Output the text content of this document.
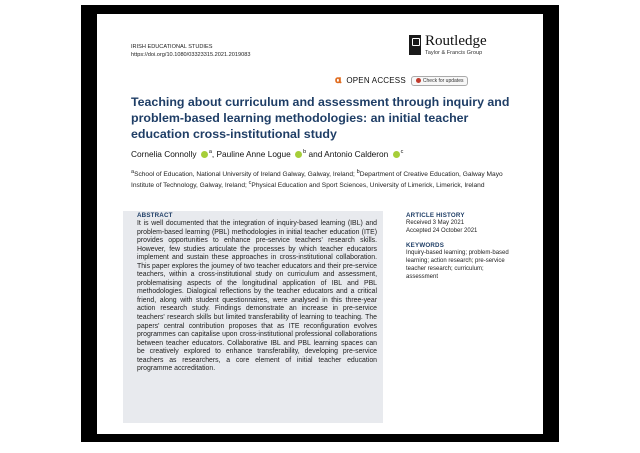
IRISH EDUCATIONAL STUDIES
https://doi.org/10.1080/03323315.2021.2019083
Routledge
Taylor & Francis Group
𝛂 OPEN ACCESS	Check for updates
Teaching about curriculum and assessment through inquiry and problem-based learning methodologies: an initial teacher education cross-institutional study
Cornelia Connolly $^a$, Pauline Anne Logue $^b$ and Antonio Calderon $^c$
$^a$School of Education, National University of Ireland Galway, Galway, Ireland; $^b$Department of Creative Education, Galway Mayo Institute of Technology, Galway, Ireland; $^c$Physical Education and Sport Sciences, University of Limerick, Limerick, Ireland
ABSTRACT
It is well documented that the integration of inquiry-based learning (IBL) and problem-based learning (PBL) methodologies in initial teacher education (ITE) provides opportunities to enhance pre-service teachers' research skills. However, few studies articulate the processes by which teacher educators implement and sustain these approaches in cross-institutional collaboration. This paper explores the journey of two teacher educators and their pre-service teachers, within a cross-institutional study on curriculum and assessment, problematising aspects of the longitudinal application of IBL and PBL methodologies. Dialogical reflections by the teacher educators and a critical friend, along with student questionnaires, were analysed in this three-year action research study. Findings demonstrate an increase in pre-service teachers' research skills but limited transferability of learning to teaching. The papers' central contribution proposes that as ITE reconfiguration evolves programmes can capitalise upon cross-institutional professional collaborations between teacher educators. Collaborative IBL and PBL learning spaces can be creatively explored to enhance transferability, developing pre-service teachers as researchers, a core element of initial teacher education programme accreditation.
ARTICLE HISTORY
Received 3 May 2021
Accepted 24 October 2021
KEYWORDS
Inquiry-based learning; problem-based learning; action research; pre-service teacher research; curriculum; assessment
